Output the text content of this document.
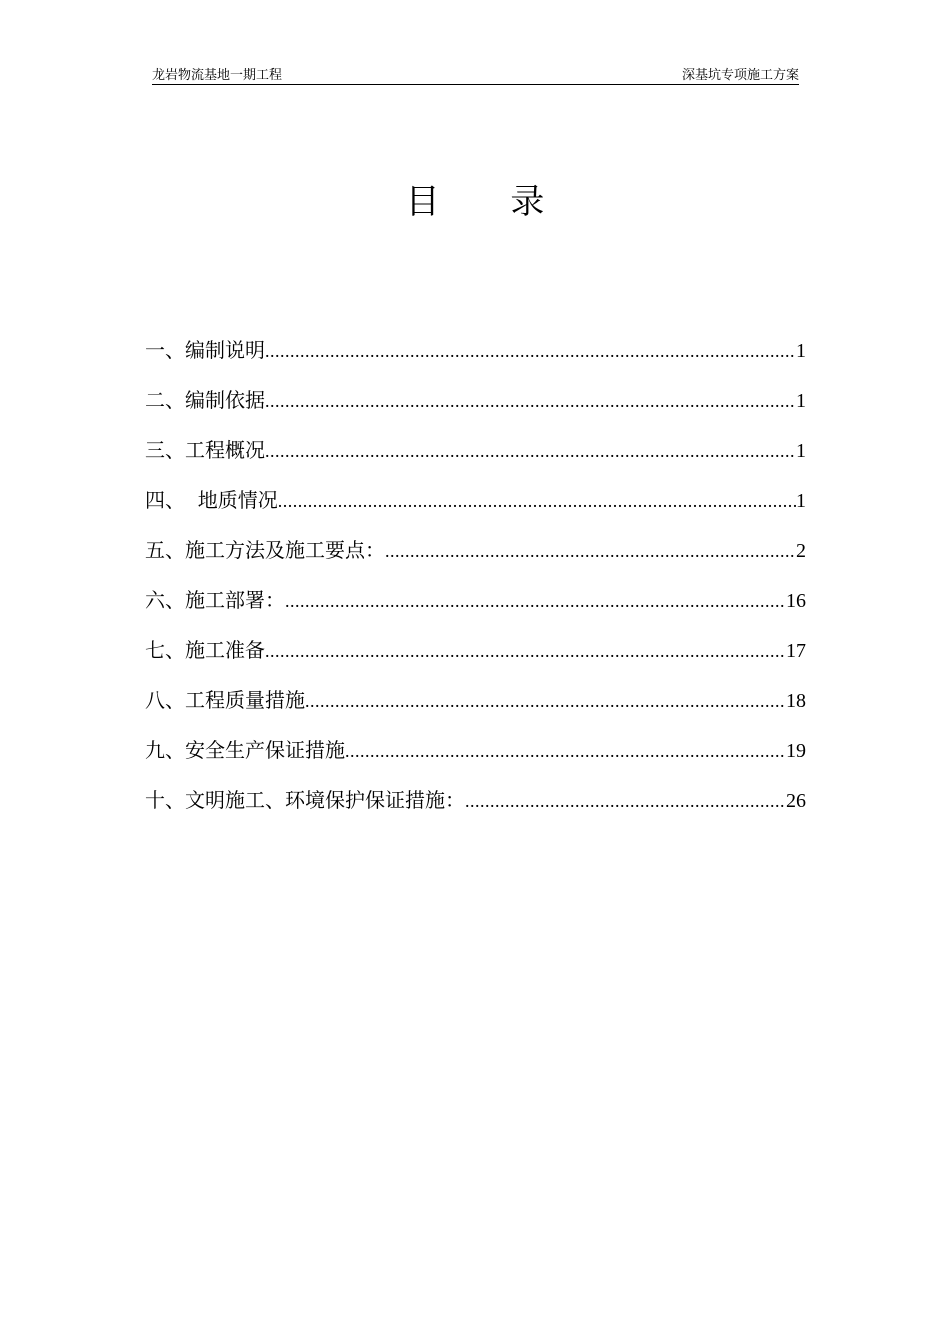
龙岩物流基地一期工程	深基坑专项施工方案
目 录
一、编制说明 .....	1
二、编制依据 .....	1
三、工程概况 .....	1
四、  地质情况 .....	1
五、施工方法及施工要点： .....	2
六、施工部署： .....	16
七、施工准备 .....	17
八、工程质量措施 .....	18
九、安全生产保证措施 .....	19
十、文明施工、环境保护保证措施： .....	26
